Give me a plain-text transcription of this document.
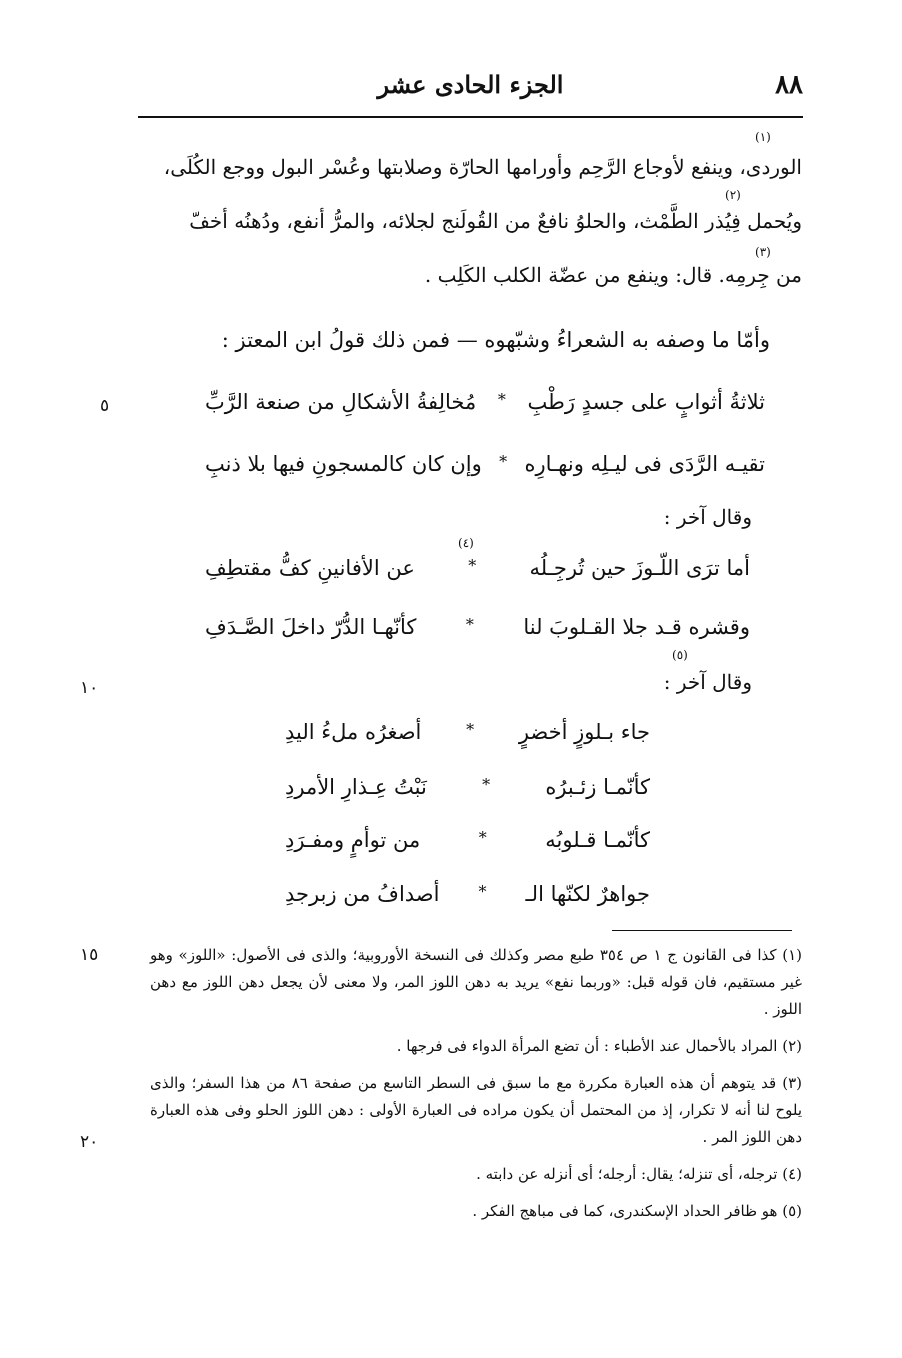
٨٨
الجزء الحادى عشر

الوردى، وينفع لأوجاع الرَّحِم وأورامها الحارّة وصلابتها وعُسْر البول ووجع الكُلَى،

ويُحمل فِيُذر الطَّمْث، والحلوُ نافعٌ من القُولَنج لجلائه، والمرُّ أنفع، ودُهنُه أخفّ

من جِرمِه. قال: وينفع من عضّة الكلب الكَلِب .

(١)
(٢)
(٣)
وأمّا ما وصفه به الشعراءُ وشبّهوه — فمن ذلك قولُ ابن المعتز :
ثلاثةُ أثوابٍ على جسدٍ رَطْبِ
*
مُخالِفةُ الأشكالِ من صنعة الرَّبِّ
تقيـه الرَّدَى فى ليـلِه ونهـارِه
*
وإن كان كالمسجونِ فيها بلا ذنبِ
وقال آخر :
أما ترَى اللّـوزَ حين تُرجِـلُه
*
عن الأفانينِ كفُّ مقتطِفِ
(٤)
وقشره قـد جلا القـلوبَ لنا
*
كأنّهـا الدُّرّ داخلَ الصَّـدَفِ
وقال آخر :
(٥)
جاء بـلوزٍ أخضرٍ
*
أصغرُه ملءُ اليدِ
كأنّمـا زئـبرُه
*
نَبْتُ عِـذارِ الأمردِ
كأنّمـا قـلوبُه
*
من توأمٍ ومفـرَدِ
جواهرٌ لكنّها الـ
*
أصدافُ من زبرجدِ
٥
١٠
١٥
٢٠

(١) كذا فى القانون ج ١ ص ٣٥٤ طبع مصر وكذلك فى النسخة الأوروبية؛ والذى فى الأصول: «اللوز» وهو غير مستقيم، فان قوله قبل: «وربما نفع» يريد به دهن اللوز المر، ولا معنى لأن يجعل دهن اللوز مع دهن اللوز .

(٢) المراد بالأحمال عند الأطباء : أن تضع المرأة الدواء فى فرجها .

(٣) قد يتوهم أن هذه العبارة مكررة مع ما سبق فى السطر التاسع من صفحة ٨٦ من هذا السفر؛ والذى يلوح لنا أنه لا تكرار، إذ من المحتمل أن يكون مراده فى العبارة الأولى : دهن اللوز الحلو وفى هذه العبارة دهن اللوز المر .

(٤) ترجله، أى تنزله؛ يقال: أرجله؛ أى أنزله عن دابته .

(٥) هو ظافر الحداد الإسكندرى، كما فى مباهج الفكر .
